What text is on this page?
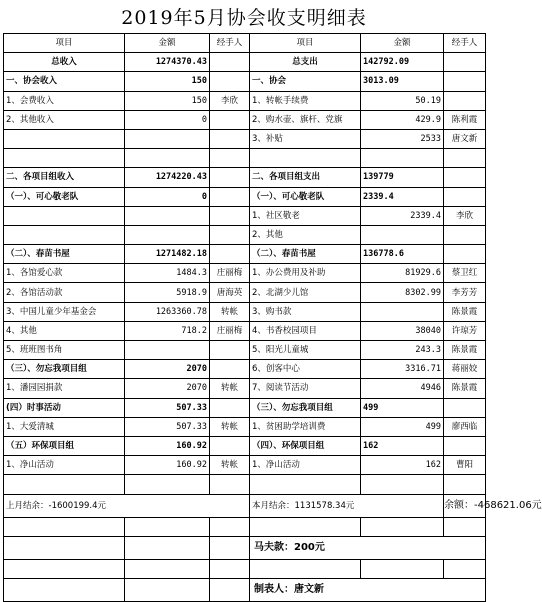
2019年5月协会收支明细表
项目	金额	经手人	项目	金额	经手人
总收入	1274370.43		总支出	142792.09	
一、协会收入	150		一、协会	3013.09	
1、会费收入	150	李欣	1、转帐手续费	50.19	
2、其他收入	0		2、购水壶、旗杆、党旗	429.9	陈利霞
			3、补贴	2533	唐文新

二、各项目组收入	1274220.43		二、各项目组支出	139779	
（一）、可心敬老队	0		（一）、可心敬老队	2339.4	
			1、社区敬老	2339.4	李欣
			2、其他		
（二）、春苗书屋	1271482.18		（二）、春苗书屋	136778.6	
1、各馆爱心款	1484.3	庄丽梅	1、办公费用及补助	81929.6	蔡卫红
2、各馆活动款	5918.9	唐海英	2、北湖少儿馆	8302.99	李芳芳
3、中国儿童少年基金会	1263360.78	转帐	3、购书款		陈景霞
4、其他	718.2	庄丽梅	4、书香校园项目	38040	许琼芳
5、班班图书角			5、阳光儿童城	243.3	陈景霞
（三）、勿忘我项目组	2070		6、创客中心	3316.71	蒋丽姣
1、潘园园捐款	2070	转帐	7、阅读节活动	4946	陈景霞
(四）时事活动	507.33		（三）、勿忘我项目组	499	
1、大爱清城	507.33	转帐	1、贫困助学培训费	499	廖西临
（五）环保项目组	160.92		（四）、环保项目组	162	
1、净山活动	160.92	转帐	1、净山活动	162	曹阳

上月结余：-1600199.4元			本月结余：1131578.34元		余额：-468621.06元

			马夫款：200元		

			制表人：唐文新		
